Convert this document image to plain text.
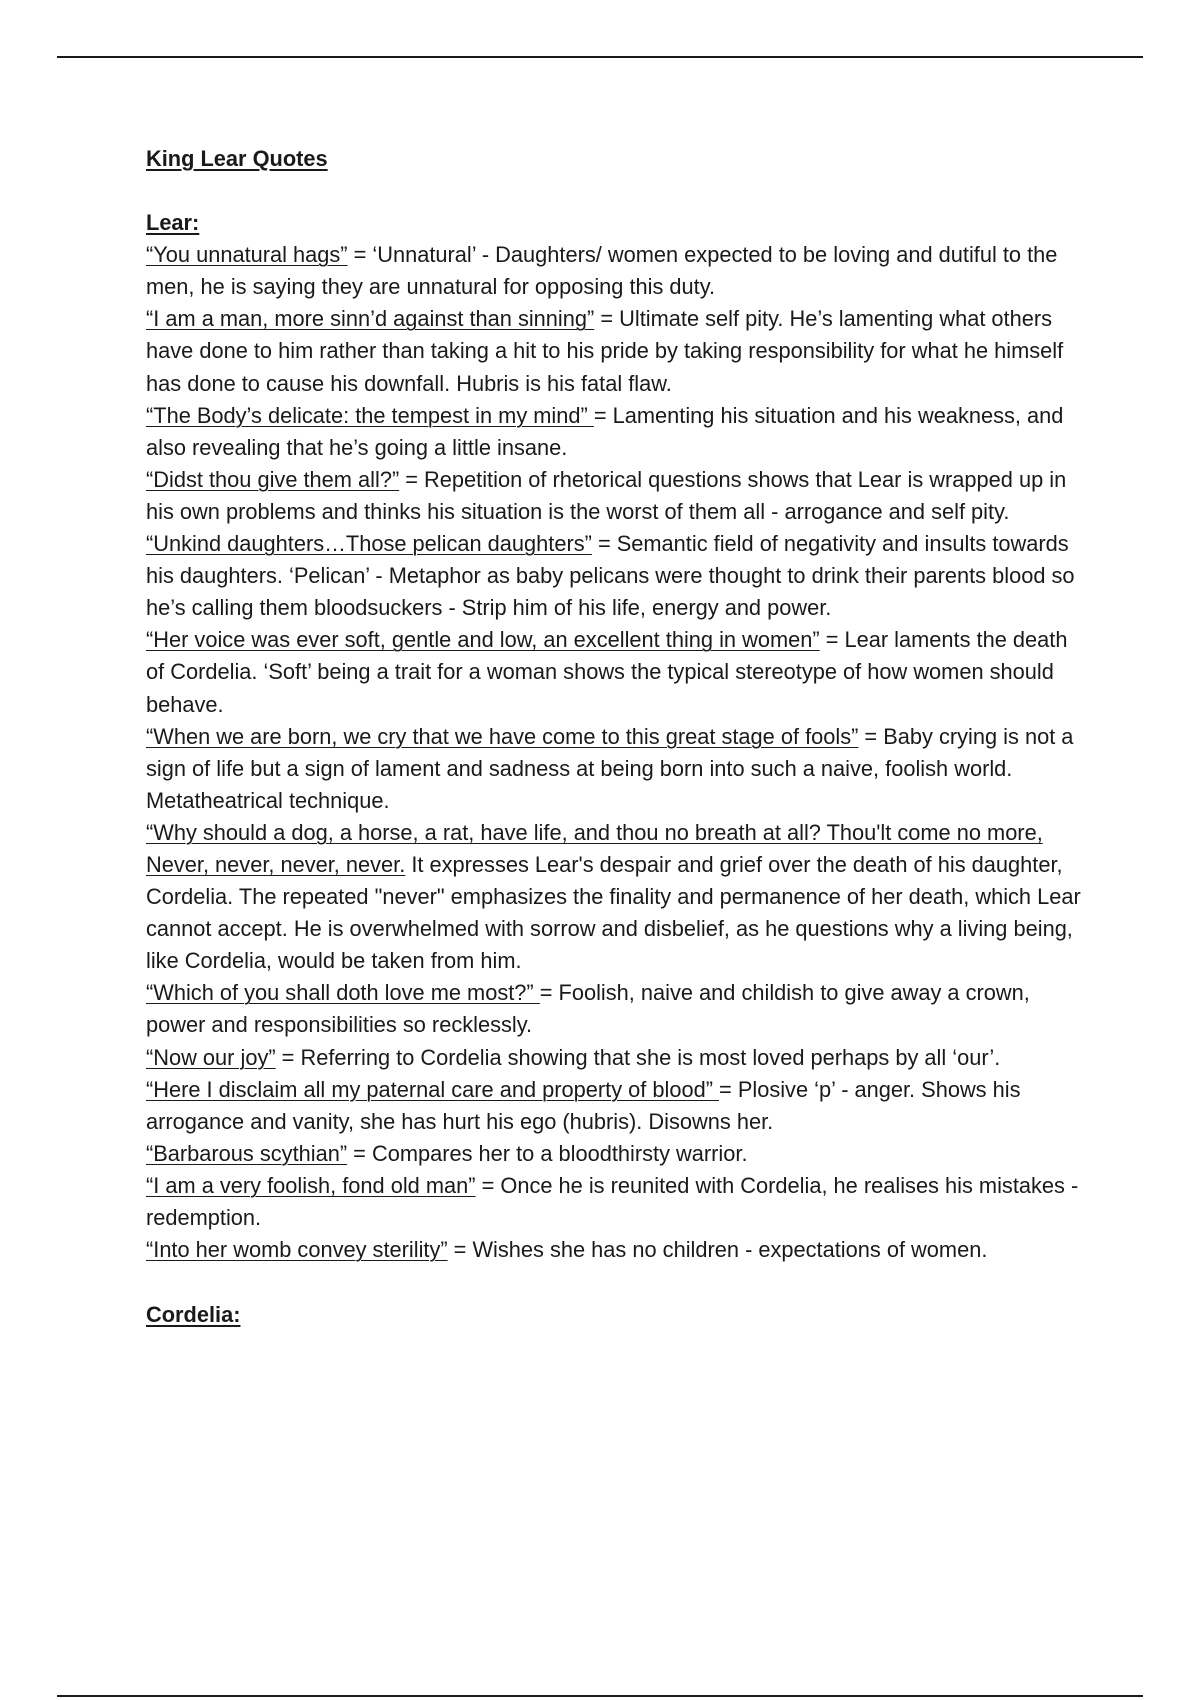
King Lear Quotes

Lear:

“You unnatural hags” = ‘Unnatural’ - Daughters/ women expected to be loving and dutiful to the men, he is saying they are unnatural for opposing this duty.

“I am a man, more sinn’d against than sinning” = Ultimate self pity. He’s lamenting what others have done to him rather than taking a hit to his pride by taking responsibility for what he himself has done to cause his downfall. Hubris is his fatal flaw.

“The Body’s delicate: the tempest in my mind” = Lamenting his situation and his weakness, and also revealing that he’s going a little insane.

“Didst thou give them all?” = Repetition of rhetorical questions shows that Lear is wrapped up in his own problems and thinks his situation is the worst of them all - arrogance and self pity.

“Unkind daughters…Those pelican daughters” = Semantic field of negativity and insults towards his daughters. ‘Pelican’ - Metaphor as baby pelicans were thought to drink their parents blood so he’s calling them bloodsuckers - Strip him of his life, energy and power.

“Her voice was ever soft, gentle and low, an excellent thing in women” = Lear laments the death of Cordelia. ‘Soft’ being a trait for a woman shows the typical stereotype of how women should behave.

“When we are born, we cry that we have come to this great stage of fools” = Baby crying is not a sign of life but a sign of lament and sadness at being born into such a naive, foolish world. Metatheatrical technique.

“Why should a dog, a horse, a rat, have life, and thou no breath at all? Thou'lt come no more, Never, never, never, never. It expresses Lear's despair and grief over the death of his daughter, Cordelia. The repeated "never" emphasizes the finality and permanence of her death, which Lear cannot accept. He is overwhelmed with sorrow and disbelief, as he questions why a living being, like Cordelia, would be taken from him.

“Which of you shall doth love me most?” = Foolish, naive and childish to give away a crown, power and responsibilities so recklessly.

“Now our joy” = Referring to Cordelia showing that she is most loved perhaps by all ‘our’.

“Here I disclaim all my paternal care and property of blood” = Plosive ‘p’ - anger. Shows his arrogance and vanity, she has hurt his ego (hubris). Disowns her.

“Barbarous scythian” = Compares her to a bloodthirsty warrior.

“I am a very foolish, fond old man” = Once he is reunited with Cordelia, he realises his mistakes - redemption.

“Into her womb convey sterility” = Wishes she has no children - expectations of women.

Cordelia:
